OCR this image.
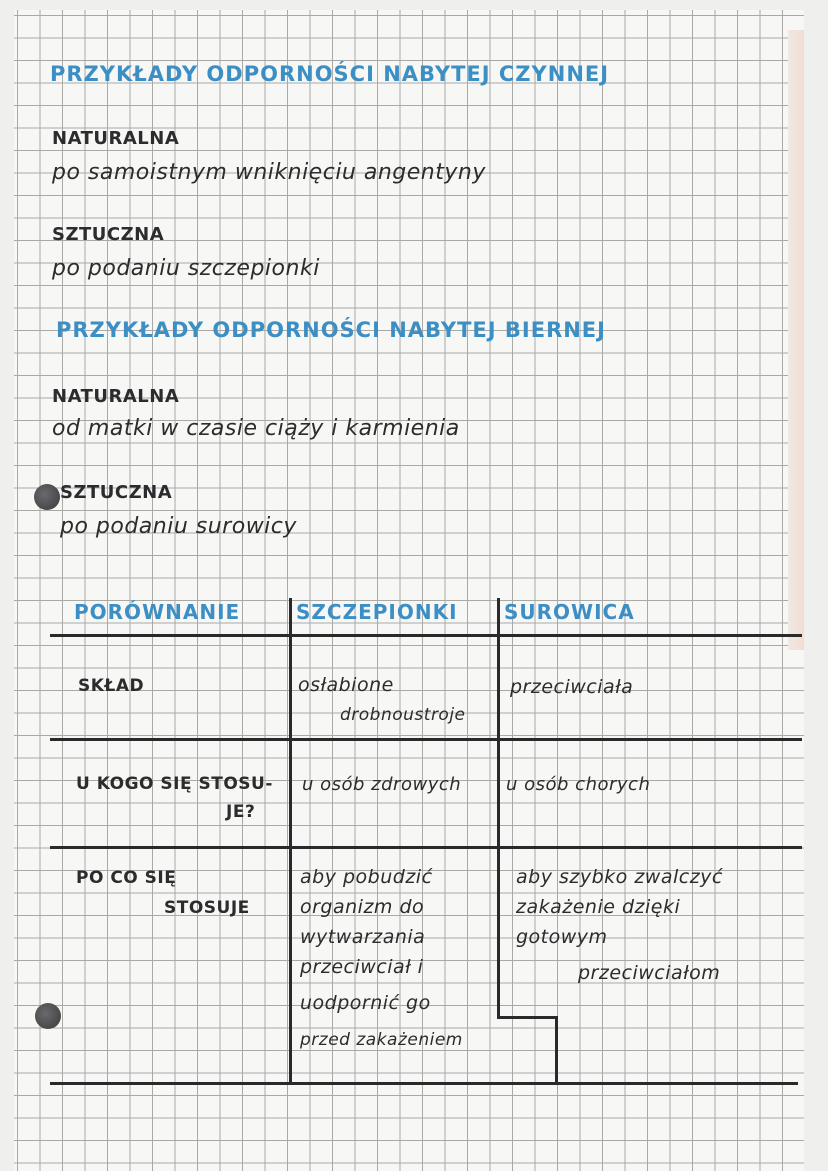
PRZYKŁADY ODPORNOŚCI NABYTEJ CZYNNEJ
NATURALNA
po samoistnym wniknięciu angentyny
SZTUCZNA
po podaniu szczepionki
PRZYKŁADY ODPORNOŚCI NABYTEJ BIERNEJ
NATURALNA
od matki w czasie ciąży i karmienia
SZTUCZNA
po podaniu surowicy
PORÓWNANIE	SZCZEPIONKI SUROWICA
SKŁAD	osłabione
drobnoustroje
przeciwciała
U KOGO SIĘ STOSU-
JE?
u osób zdrowych u osób chorych
PO CO SIĘ
STOSUJE
aby pobudzić
organizm do
wytwarzania
przeciwciał i
uodpornić go
przed zakażeniem
aby szybko zwalczyć
zakażenie dzięki
gotowym
przeciwciałom
